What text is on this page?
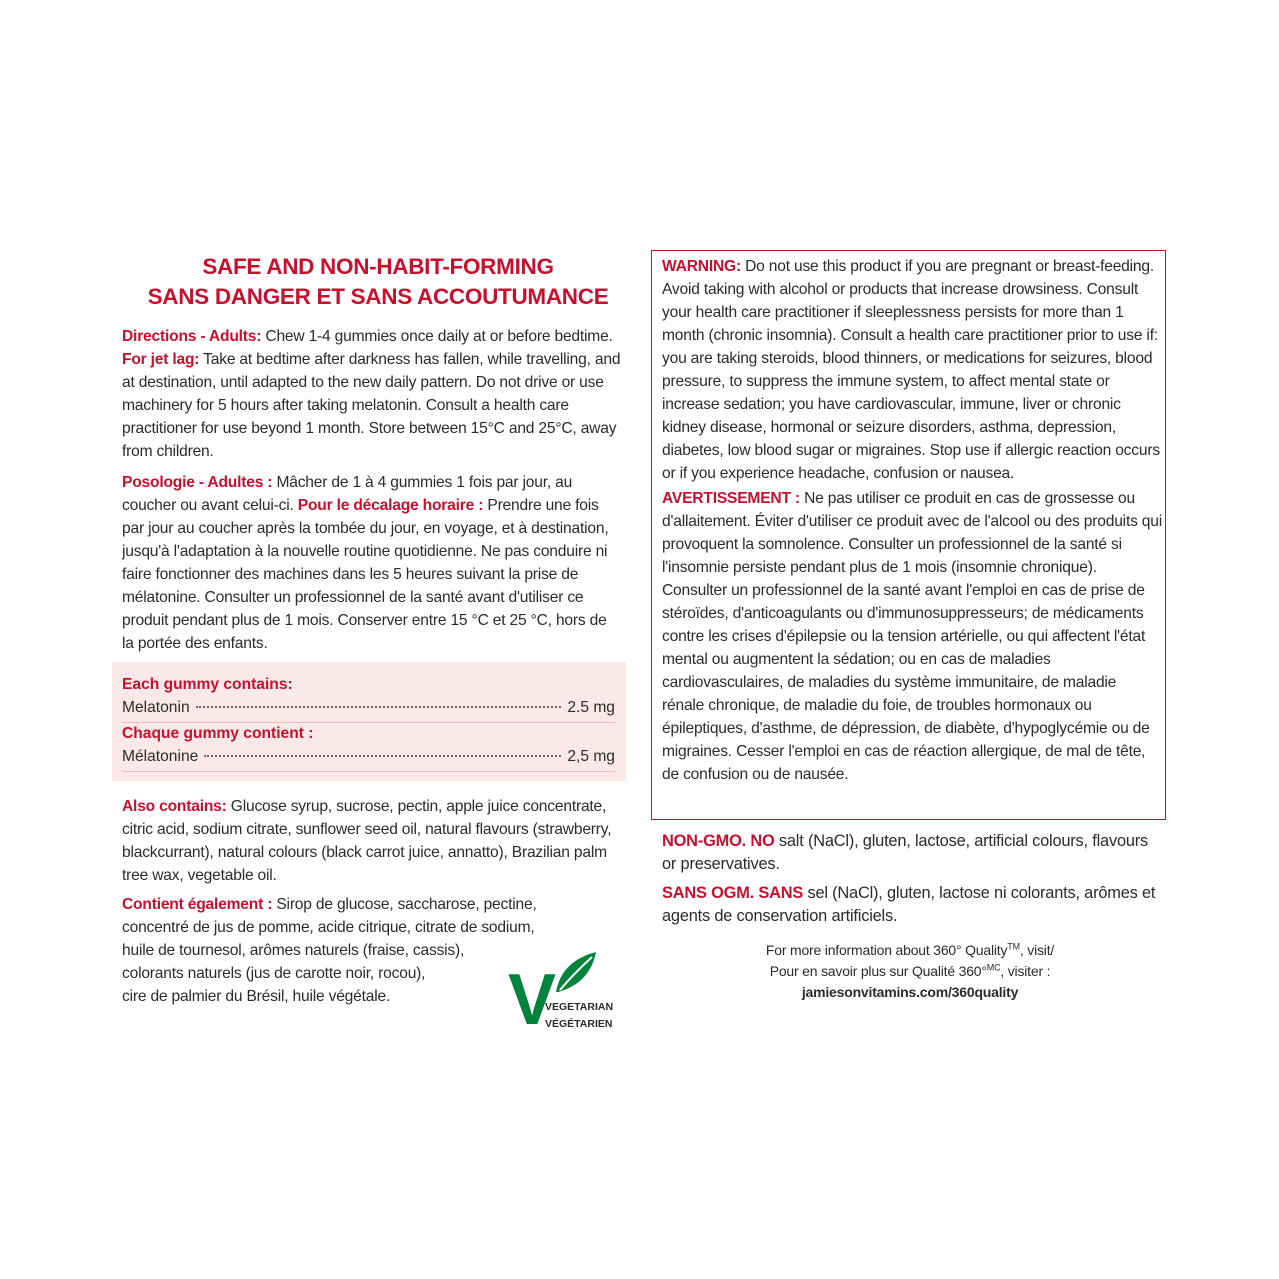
SAFE AND NON-HABIT-FORMING
SANS DANGER ET SANS ACCOUTUMANCE

Directions - Adults: Chew 1-4 gummies once daily at or before bedtime. For jet lag: Take at bedtime after darkness has fallen, while travelling, and at destination, until adapted to the new daily pattern. Do not drive or use machinery for 5 hours after taking melatonin. Consult a health care practitioner for use beyond 1 month. Store between 15°C and 25°C, away from children.

Posologie - Adultes : Mâcher de 1 à 4 gummies 1 fois par jour, au coucher ou avant celui-ci. Pour le décalage horaire : Prendre une fois par jour au coucher après la tombée du jour, en voyage, et à destination, jusqu'à l'adaptation à la nouvelle routine quotidienne. Ne pas conduire ni faire fonctionner des machines dans les 5 heures suivant la prise de mélatonine. Consulter un professionnel de la santé avant d'utiliser ce produit pendant plus de 1 mois. Conserver entre 15 °C et 25 °C, hors de la portée des enfants.

Each gummy contains:
Melatonin	2.5 mg
Chaque gummy contient :
Mélatonine	2,5 mg

Also contains: Glucose syrup, sucrose, pectin, apple juice concentrate, citric acid, sodium citrate, sunflower seed oil, natural flavours (strawberry, blackcurrant), natural colours (black carrot juice, annatto), Brazilian palm tree wax, vegetable oil.

Contient également : Sirop de glucose, saccharose, pectine,
concentré de jus de pomme, acide citrique, citrate de sodium,
huile de tournesol, arômes naturels (fraise, cassis),
colorants naturels (jus de carotte noir, rocou),
cire de palmier du Brésil, huile végétale.	V
VEGETARIAN
VÉGÉTARIEN

WARNING: Do not use this product if you are pregnant or breast-feeding. Avoid taking with alcohol or products that increase drowsiness. Consult your health care practitioner if sleeplessness persists for more than 1 month (chronic insomnia). Consult a health care practitioner prior to use if: you are taking steroids, blood thinners, or medications for seizures, blood pressure, to suppress the immune system, to affect mental state or increase sedation; you have cardiovascular, immune, liver or chronic kidney disease, hormonal or seizure disorders, asthma, depression, diabetes, low blood sugar or migraines. Stop use if allergic reaction occurs or if you experience headache, confusion or nausea.

AVERTISSEMENT : Ne pas utiliser ce produit en cas de grossesse ou d'allaitement. Éviter d'utiliser ce produit avec de l'alcool ou des produits qui provoquent la somnolence. Consulter un professionnel de la santé si l'insomnie persiste pendant plus de 1 mois (insomnie chronique). Consulter un professionnel de la santé avant l'emploi en cas de prise de stéroïdes, d'anticoagulants ou d'immunosuppresseurs; de médicaments contre les crises d'épilepsie ou la tension artérielle, ou qui affectent l'état mental ou augmentent la sédation; ou en cas de maladies cardiovasculaires, de maladies du système immunitaire, de maladie rénale chronique, de maladie du foie, de troubles hormonaux ou épileptiques, d'asthme, de dépression, de diabète, d'hypoglycémie ou de migraines. Cesser l'emploi en cas de réaction allergique, de mal de tête, de confusion ou de nausée.

NON-GMO. NO salt (NaCl), gluten, lactose, artificial colours, flavours or preservatives.

SANS OGM. SANS sel (NaCl), gluten, lactose ni colorants, arômes et agents de conservation artificiels.

For more information about 360° Quality™, visit/
Pour en savoir plus sur Qualité 360°$^{MC}$, visiter :
jamiesonvitamins.com/360quality
